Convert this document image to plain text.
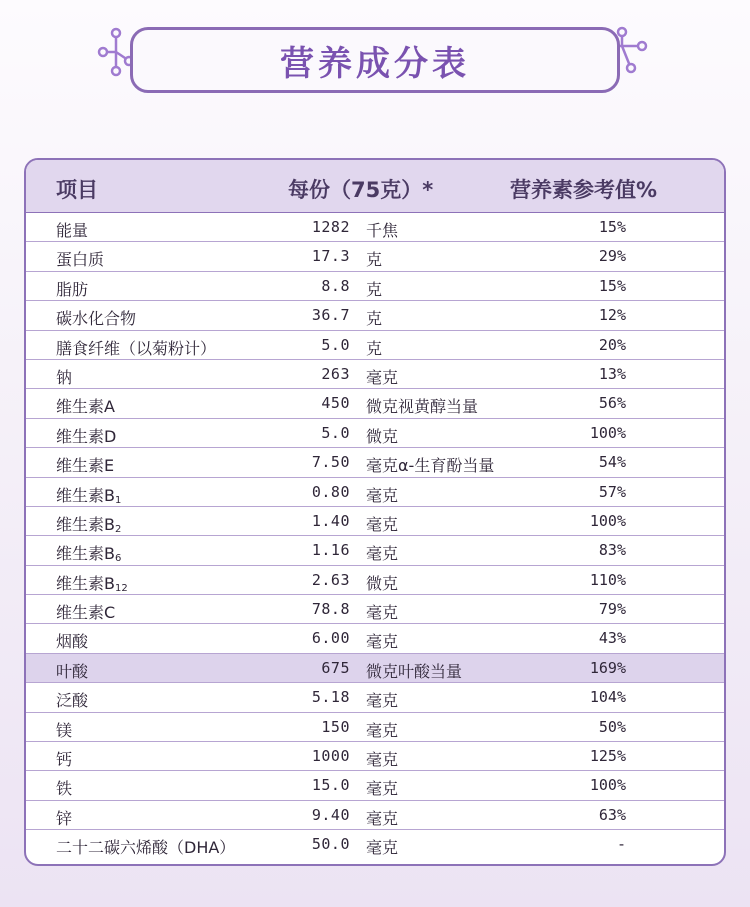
营养成分表
项目	每份（75克）*	营养素参考值%
能量	1282 千焦	15%
蛋白质	17.3 克	29%
脂肪	8.8 克	15%
碳水化合物	36.7 克	12%
膳食纤维（以菊粉计）	5.0 克	20%
钠	263 毫克	13%
维生素A	450 微克视黄醇当量	56%
维生素D	5.0 微克	100%
维生素E	7.50 毫克α-生育酚当量	54%
维生素$B_1$	0.80 毫克	57%
维生素$B_2$	1.40 毫克	100%
维生素$B_6$	1.16 毫克	83%
维生素$B_{12}$	2.63 微克	110%
维生素C	78.8 毫克	79%
烟酸	6.00 毫克	43%
叶酸	675 微克叶酸当量	169%
泛酸	5.18 毫克	104%
镁	150 毫克	50%
钙	1000 毫克	125%
铁	15.0 毫克	100%
锌	9.40 毫克	63%
二十二碳六烯酸（DHA）	50.0 毫克	-
